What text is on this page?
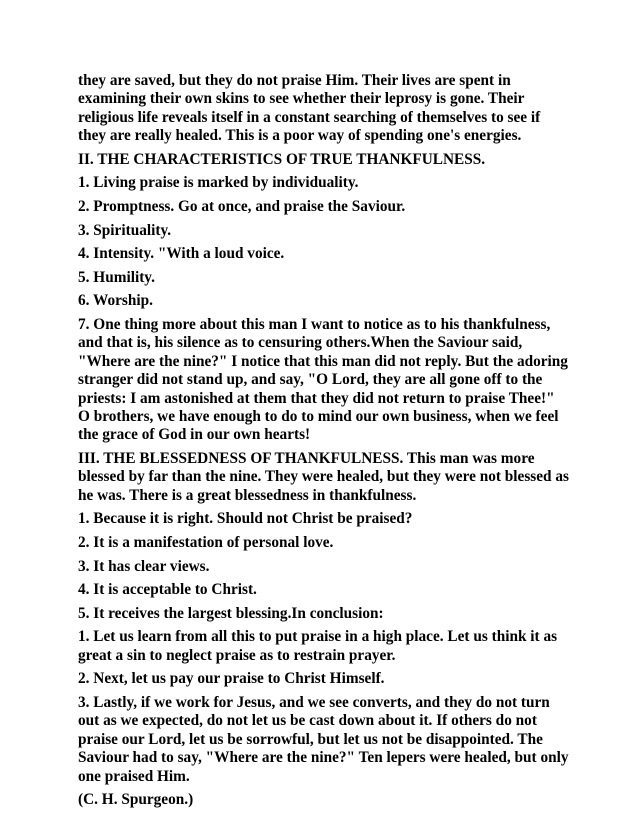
they are saved, but they do not praise Him. Their lives are spent in examining their own skins to see whether their leprosy is gone. Their religious life reveals itself in a constant searching of themselves to see if they are really healed. This is a poor way of spending one's energies.

II. THE CHARACTERISTICS OF TRUE THANKFULNESS.

1. Living praise is marked by individuality.

2. Promptness. Go at once, and praise the Saviour.

3. Spirituality.

4. Intensity. "With a loud voice.

5. Humility.

6. Worship.

7. One thing more about this man I want to notice as to his thankfulness, and that is, his silence as to censuring others.When the Saviour said, "Where are the nine?" I notice that this man did not reply. But the adoring stranger did not stand up, and say, "O Lord, they are all gone off to the priests: I am astonished at them that they did not return to praise Thee!" O brothers, we have enough to do to mind our own business, when we feel the grace of God in our own hearts!

III. THE BLESSEDNESS OF THANKFULNESS. This man was more blessed by far than the nine. They were healed, but they were not blessed as he was. There is a great blessedness in thankfulness.

1. Because it is right. Should not Christ be praised?

2. It is a manifestation of personal love.

3. It has clear views.

4. It is acceptable to Christ.

5. It receives the largest blessing.In conclusion:

1. Let us learn from all this to put praise in a high place. Let us think it as great a sin to neglect praise as to restrain prayer.

2. Next, let us pay our praise to Christ Himself.

3. Lastly, if we work for Jesus, and we see converts, and they do not turn out as we expected, do not let us be cast down about it. If others do not praise our Lord, let us be sorrowful, but let us not be disappointed. The Saviour had to say, "Where are the nine?" Ten lepers were healed, but only one praised Him.

(C. H. Spurgeon.)
